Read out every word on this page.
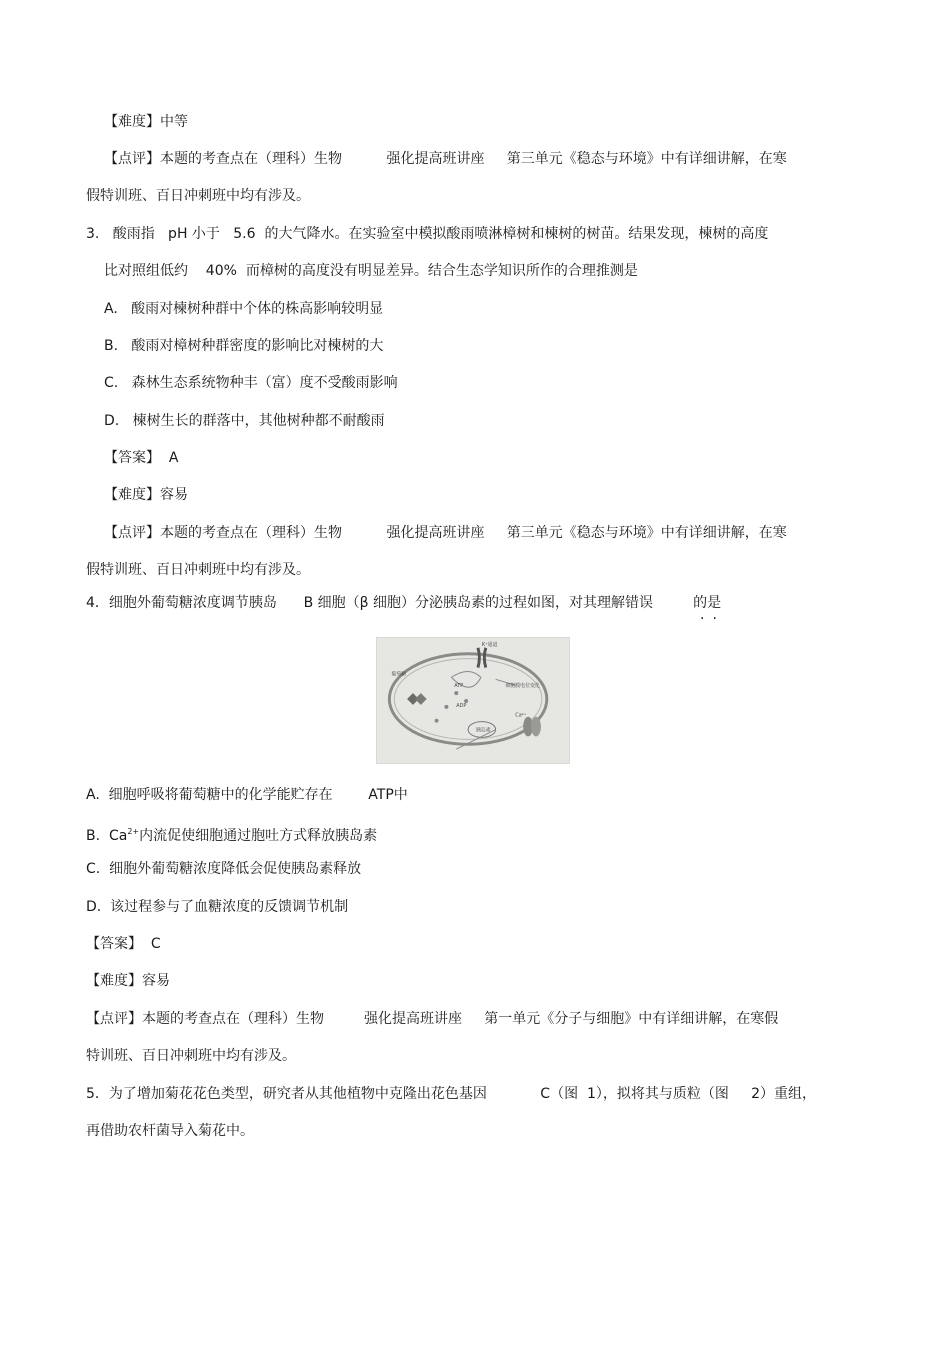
【难度】中等
【点评】本题的考查点在（理科）生物          强化提高班讲座     第三单元《稳态与环境》中有详细讲解，在寒
假特训班、百日冲刺班中均有涉及。
3.   酸雨指   pH 小于   5.6  的大气降水。在实验室中模拟酸雨喷淋樟树和楝树的树苗。结果发现，楝树的高度
比对照组低约    40%  而樟树的高度没有明显差异。结合生态学知识所作的合理推测是
A.   酸雨对楝树种群中个体的株高影响较明显
B.   酸雨对樟树种群密度的影响比对楝树的大
C.   森林生态系统物种丰（富）度不受酸雨影响
D.   楝树生长的群落中，其他树种都不耐酸雨
【答案】  A
【难度】容易
【点评】本题的考查点在（理科）生物          强化提高班讲座     第三单元《稳态与环境》中有详细讲解，在寒
假特训班、百日冲刺班中均有涉及。
4．细胞外葡萄糖浓度调节胰岛      B 细胞（β 细胞）分泌胰岛素的过程如图，对其理解错误         的是
..
K⁺通道
葡萄糖
ATP
ADP
胰岛素
Ca²⁺
细胞膜电位变化
A.  细胞呼吸将葡萄糖中的化学能贮存在        ATP中
B.  $Ca^{2+}$内流促使细胞通过胞吐方式释放胰岛素
C.  细胞外葡萄糖浓度降低会促使胰岛素释放
D.  该过程参与了血糖浓度的反馈调节机制
【答案】  C
【难度】容易
【点评】本题的考查点在（理科）生物         强化提高班讲座     第一单元《分子与细胞》中有详细讲解，在寒假
特训班、百日冲刺班中均有涉及。
5．为了增加菊花花色类型，研究者从其他植物中克隆出花色基因            C（图  1），拟将其与质粒（图     2）重组，
再借助农杆菌导入菊花中。
